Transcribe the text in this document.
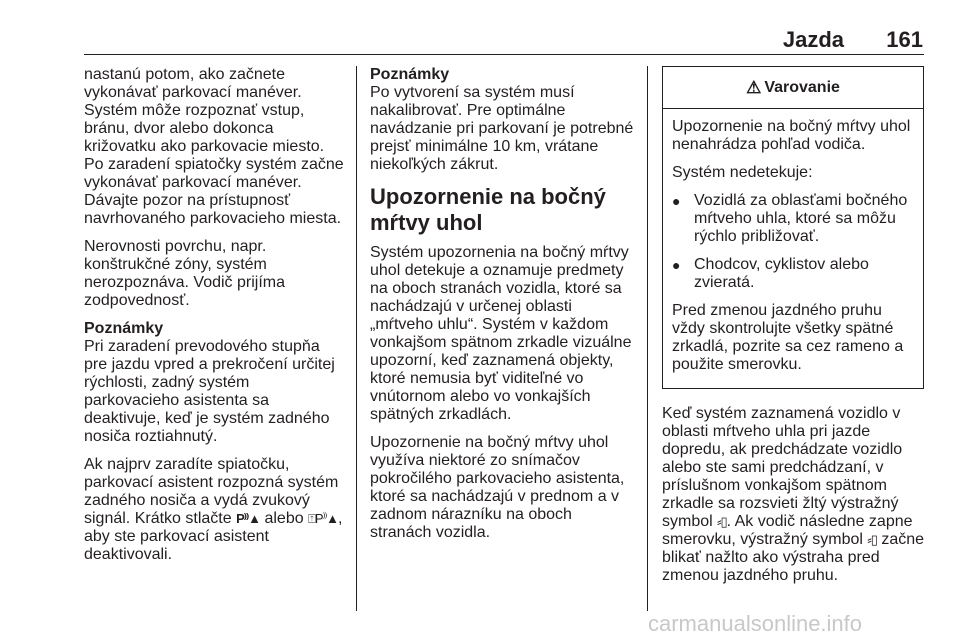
Jazda 161

nastanú potom, ako začnete vykonávať parkovací manéver. Systém môže rozpoznať vstup, bránu, dvor alebo dokonca križovatku ako parkovacie miesto. Po zaradení spiatočky systém začne vykonávať parkovací manéver. Dávajte pozor na prístupnosť navrhovaného parkovacieho miesta.

Nerovnosti povrchu, napr. konštrukčné zóny, systém nerozpoznáva. Vodič prijíma zodpovednosť.

Poznámky
Pri zaradení prevodového stupňa pre jazdu vpred a prekročení určitej rýchlosti, zadný systém parkovacieho asistenta sa deaktivuje, keď je systém zadného nosiča roztiahnutý.

Ak najprv zaradíte spiatočku, parkovací asistent rozpozná systém zadného nosiča a vydá zvukový signál. Krátko stlačte P⁾⁾▲ alebo ⍐P⁾⁾▲, aby ste parkovací asistent deaktivovali.

Poznámky
Po vytvorení sa systém musí nakalibrovať. Pre optimálne navádzanie pri parkovaní je potrebné prejsť minimálne 10 km, vrátane niekoľkých zákrut.
Upozornenie na bočný mŕtvy uhol

Systém upozornenia na bočný mŕtvy uhol detekuje a oznamuje predmety na oboch stranách vozidla, ktoré sa nachádzajú v určenej oblasti „mŕtveho uhlu“. Systém v každom vonkajšom spätnom zrkadle vizuálne upozorní, keď zaznamená objekty, ktoré nemusia byť viditeľné vo vnútornom alebo vo vonkajších spätných zrkadlách.

Upozornenie na bočný mŕtvy uhol využíva niektoré zo snímačov pokročilého parkovacieho asistenta, ktoré sa nachádzajú v prednom a v zadnom nárazníku na oboch stranách vozidla.

⚠ Varovanie

Upozornenie na bočný mŕtvy uhol nenahrádza pohľad vodiča.

Systém nedetekuje:

● Vozidlá za oblasťami bočného mŕtveho uhla, ktoré sa môžu rýchlo približovať.
● Chodcov, cyklistov alebo zvieratá.

Pred zmenou jazdného pruhu vždy skontrolujte všetky spätné zrkadlá, pozrite sa cez rameno a použite smerovku.

Keď systém zaznamená vozidlo v oblasti mŕtveho uhla pri jazde dopredu, ak predchádzate vozidlo alebo ste sami predchádzaní, v príslušnom vonkajšom spätnom zrkadle sa rozsvieti žltý výstražný symbol ⸗▯. Ak vodič následne zapne smerovku, výstražný symbol ⸗▯ začne blikať nažlto ako výstraha pred zmenou jazdného pruhu.

carmanualsonline.info
